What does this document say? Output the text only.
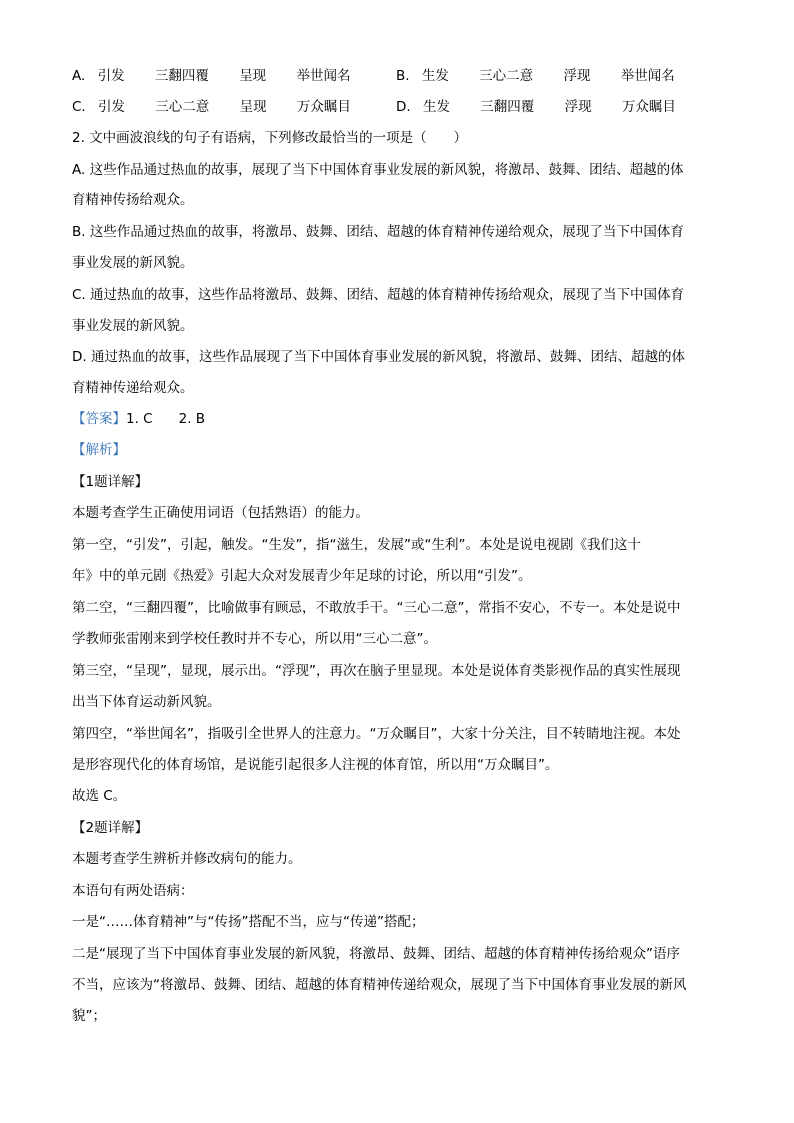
A. 引发 三翻四覆 呈现 举世闻名	B. 生发 三心二意 浮现 举世闻名
C. 引发 三心二意 呈现 万众瞩目	D. 生发 三翻四覆 浮现 万众瞩目
2. 文中画波浪线的句子有语病，下列修改最恰当的一项是（　　）
A. 这些作品通过热血的故事，展现了当下中国体育事业发展的新风貌，将激昂、鼓舞、团结、超越的体
育精神传扬给观众。
B. 这些作品通过热血的故事，将激昂、鼓舞、团结、超越的体育精神传递给观众，展现了当下中国体育
事业发展的新风貌。
C. 通过热血的故事，这些作品将激昂、鼓舞、团结、超越的体育精神传扬给观众，展现了当下中国体育
事业发展的新风貌。
D. 通过热血的故事，这些作品展现了当下中国体育事业发展的新风貌，将激昂、鼓舞、团结、超越的体
育精神传递给观众。
【答案】1. C 2. B
【解析】
【1题详解】
本题考查学生正确使用词语（包括熟语）的能力。
第一空，“引发”，引起，触发。“生发”，指“滋生，发展”或“生利”。本处是说电视剧《我们这十
年》中的单元剧《热爱》引起大众对发展青少年足球的讨论，所以用“引发”。
第二空，“三翻四覆”，比喻做事有顾忌，不敢放手干。“三心二意”，常指不安心，不专一。本处是说中
学教师张雷刚来到学校任教时并不专心，所以用“三心二意”。
第三空，“呈现”，显现，展示出。“浮现”，再次在脑子里显现。本处是说体育类影视作品的真实性展现
出当下体育运动新风貌。
第四空，“举世闻名”，指吸引全世界人的注意力。“万众瞩目”，大家十分关注，目不转睛地注视。本处
是形容现代化的体育场馆，是说能引起很多人注视的体育馆，所以用“万众瞩目”。
故选 C。
【2题详解】
本题考查学生辨析并修改病句的能力。
本语句有两处语病：
一是“……体育精神”与“传扬”搭配不当，应与“传递”搭配；
二是“展现了当下中国体育事业发展的新风貌，将激昂、鼓舞、团结、超越的体育精神传扬给观众”语序
不当，应该为“将激昂、鼓舞、团结、超越的体育精神传递给观众，展现了当下中国体育事业发展的新风
貌”；
